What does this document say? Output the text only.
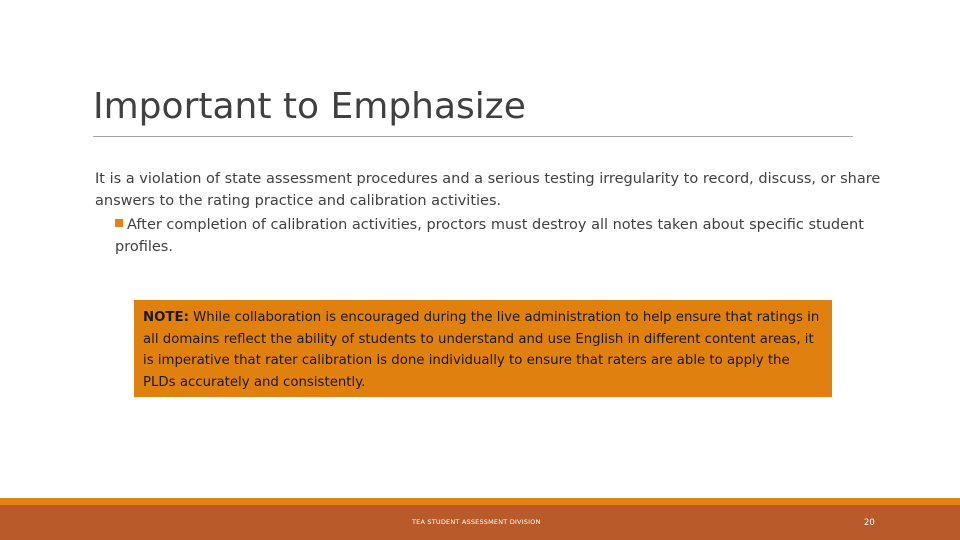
Important to Emphasize

It is a violation of state assessment procedures and a serious testing irregularity to record, discuss, or share answers to the rating practice and calibration activities.

After completion of calibration activities, proctors must destroy all notes taken about specific student profiles.

NOTE: While collaboration is encouraged during the live administration to help ensure that ratings in all domains reflect the ability of students to understand and use English in different content areas, it is imperative that rater calibration is done individually to ensure that raters are able to apply the PLDs accurately and consistently.

TEA STUDENT ASSESSMENT DIVISION	20
